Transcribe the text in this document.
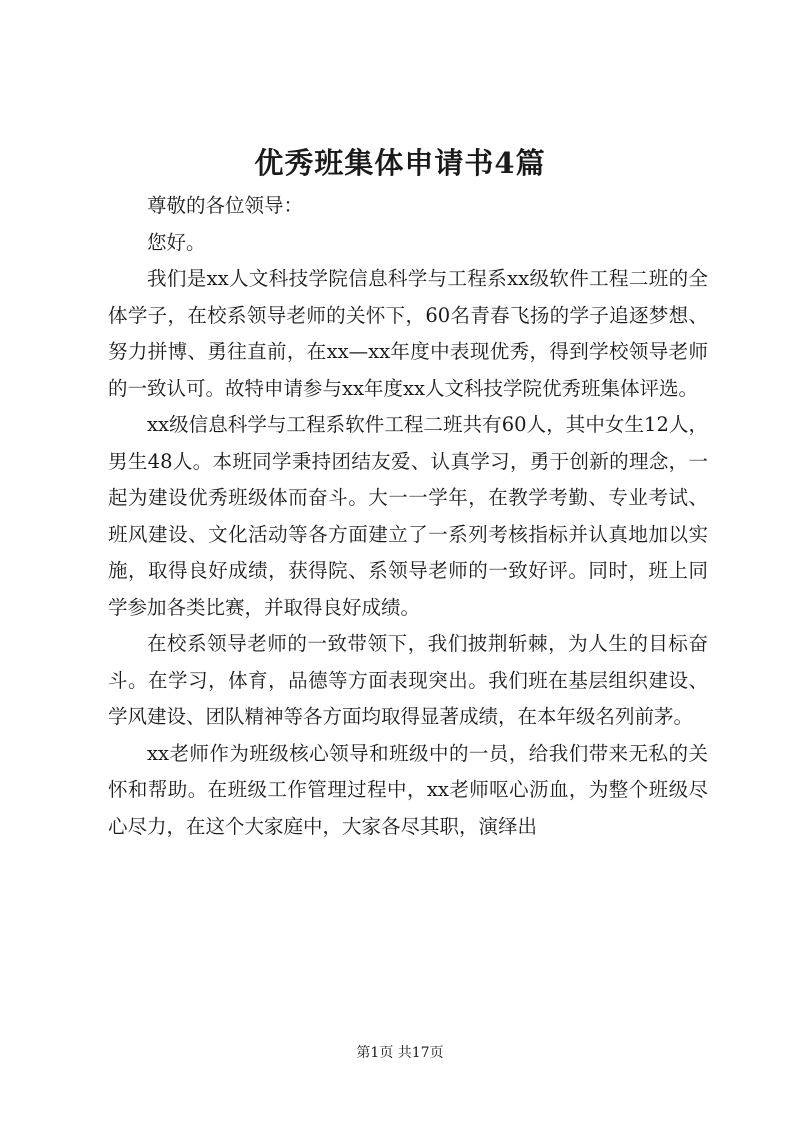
优秀班集体申请书4篇

尊敬的各位领导：

您好。

我们是xx人文科技学院信息科学与工程系xx级软件工程二班的全体学子，在校系领导老师的关怀下，60名青春飞扬的学子追逐梦想、努力拼博、勇往直前，在xx—xx年度中表现优秀，得到学校领导老师的一致认可。故特申请参与xx年度xx人文科技学院优秀班集体评选。

xx级信息科学与工程系软件工程二班共有60人，其中女生12人，男生48人。本班同学秉持团结友爱、认真学习，勇于创新的理念，一起为建设优秀班级体而奋斗。大一一学年，在教学考勤、专业考试、班风建设、文化活动等各方面建立了一系列考核指标并认真地加以实施，取得良好成绩，获得院、系领导老师的一致好评。同时，班上同学参加各类比赛，并取得良好成绩。

在校系领导老师的一致带领下，我们披荆斩棘，为人生的目标奋斗。在学习，体育，品德等方面表现突出。我们班在基层组织建设、学风建设、团队精神等各方面均取得显著成绩，在本年级名列前茅。

xx老师作为班级核心领导和班级中的一员，给我们带来无私的关怀和帮助。在班级工作管理过程中，xx老师呕心沥血，为整个班级尽心尽力，在这个大家庭中，大家各尽其职，演绎出

第1页 共17页
